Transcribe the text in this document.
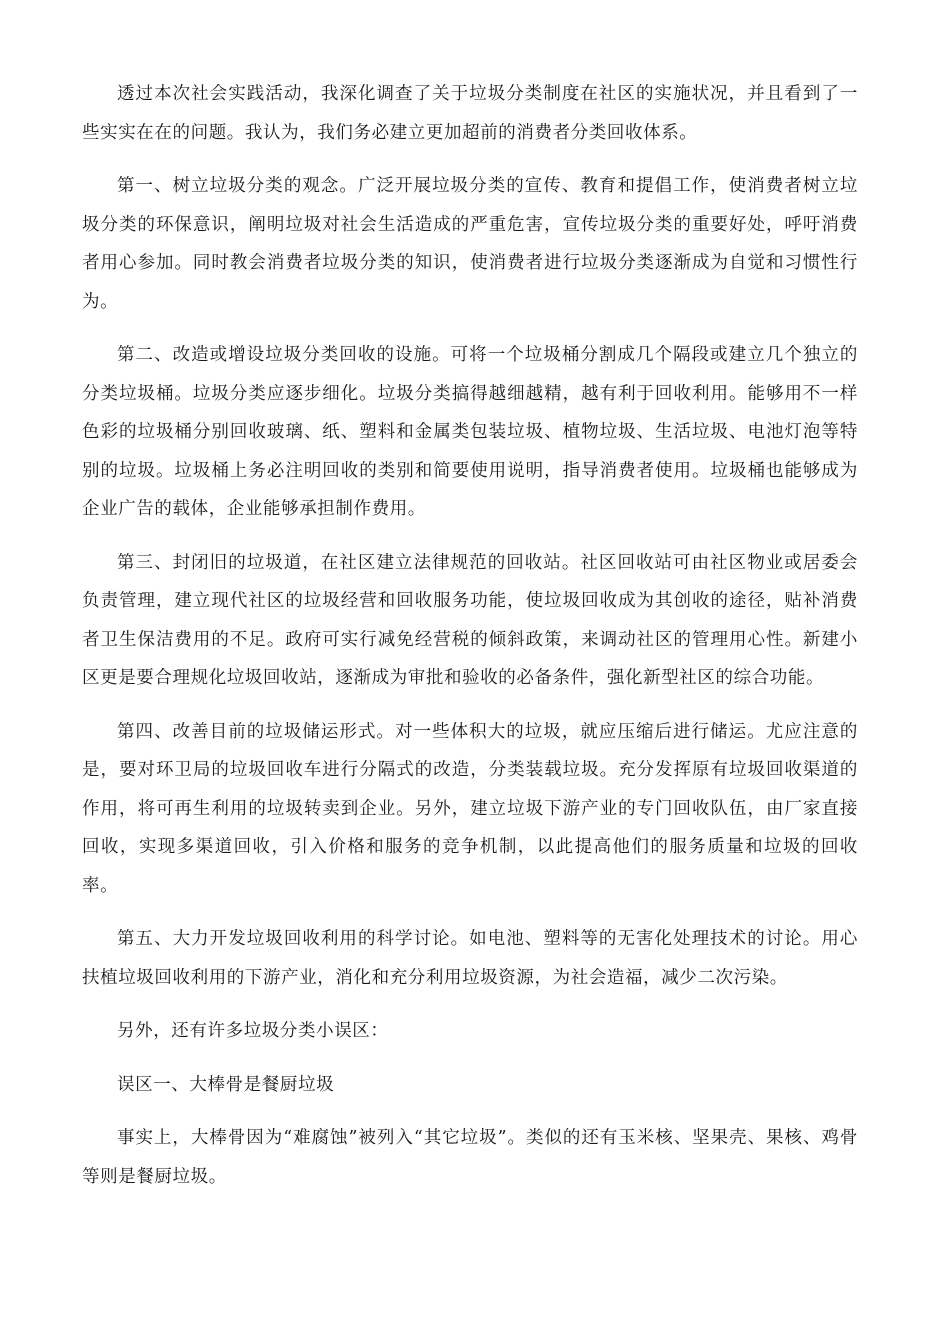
透过本次社会实践活动，我深化调查了关于垃圾分类制度在社区的实施状况，并且看到了一些实实在在的问题。我认为，我们务必建立更加超前的消费者分类回收体系。

第一、树立垃圾分类的观念。广泛开展垃圾分类的宣传、教育和提倡工作，使消费者树立垃圾分类的环保意识，阐明垃圾对社会生活造成的严重危害，宣传垃圾分类的重要好处，呼吁消费者用心参加。同时教会消费者垃圾分类的知识，使消费者进行垃圾分类逐渐成为自觉和习惯性行为。

第二、改造或增设垃圾分类回收的设施。可将一个垃圾桶分割成几个隔段或建立几个独立的分类垃圾桶。垃圾分类应逐步细化。垃圾分类搞得越细越精，越有利于回收利用。能够用不一样色彩的垃圾桶分别回收玻璃、纸、塑料和金属类包装垃圾、植物垃圾、生活垃圾、电池灯泡等特别的垃圾。垃圾桶上务必注明回收的类别和简要使用说明，指导消费者使用。垃圾桶也能够成为企业广告的载体，企业能够承担制作费用。

第三、封闭旧的垃圾道，在社区建立法律规范的回收站。社区回收站可由社区物业或居委会负责管理，建立现代社区的垃圾经营和回收服务功能，使垃圾回收成为其创收的途径，贴补消费者卫生保洁费用的不足。政府可实行减免经营税的倾斜政策，来调动社区的管理用心性。新建小区更是要合理规化垃圾回收站，逐渐成为审批和验收的必备条件，强化新型社区的综合功能。

第四、改善目前的垃圾储运形式。对一些体积大的垃圾，就应压缩后进行储运。尤应注意的是，要对环卫局的垃圾回收车进行分隔式的改造，分类装载垃圾。充分发挥原有垃圾回收渠道的作用，将可再生利用的垃圾转卖到企业。另外，建立垃圾下游产业的专门回收队伍，由厂家直接回收，实现多渠道回收，引入价格和服务的竞争机制，以此提高他们的服务质量和垃圾的回收率。

第五、大力开发垃圾回收利用的科学讨论。如电池、塑料等的无害化处理技术的讨论。用心扶植垃圾回收利用的下游产业，消化和充分利用垃圾资源，为社会造福，减少二次污染。

另外，还有许多垃圾分类小误区：

误区一、大棒骨是餐厨垃圾

事实上，大棒骨因为“难腐蚀”被列入“其它垃圾”。类似的还有玉米核、坚果壳、果核、鸡骨等则是餐厨垃圾。
